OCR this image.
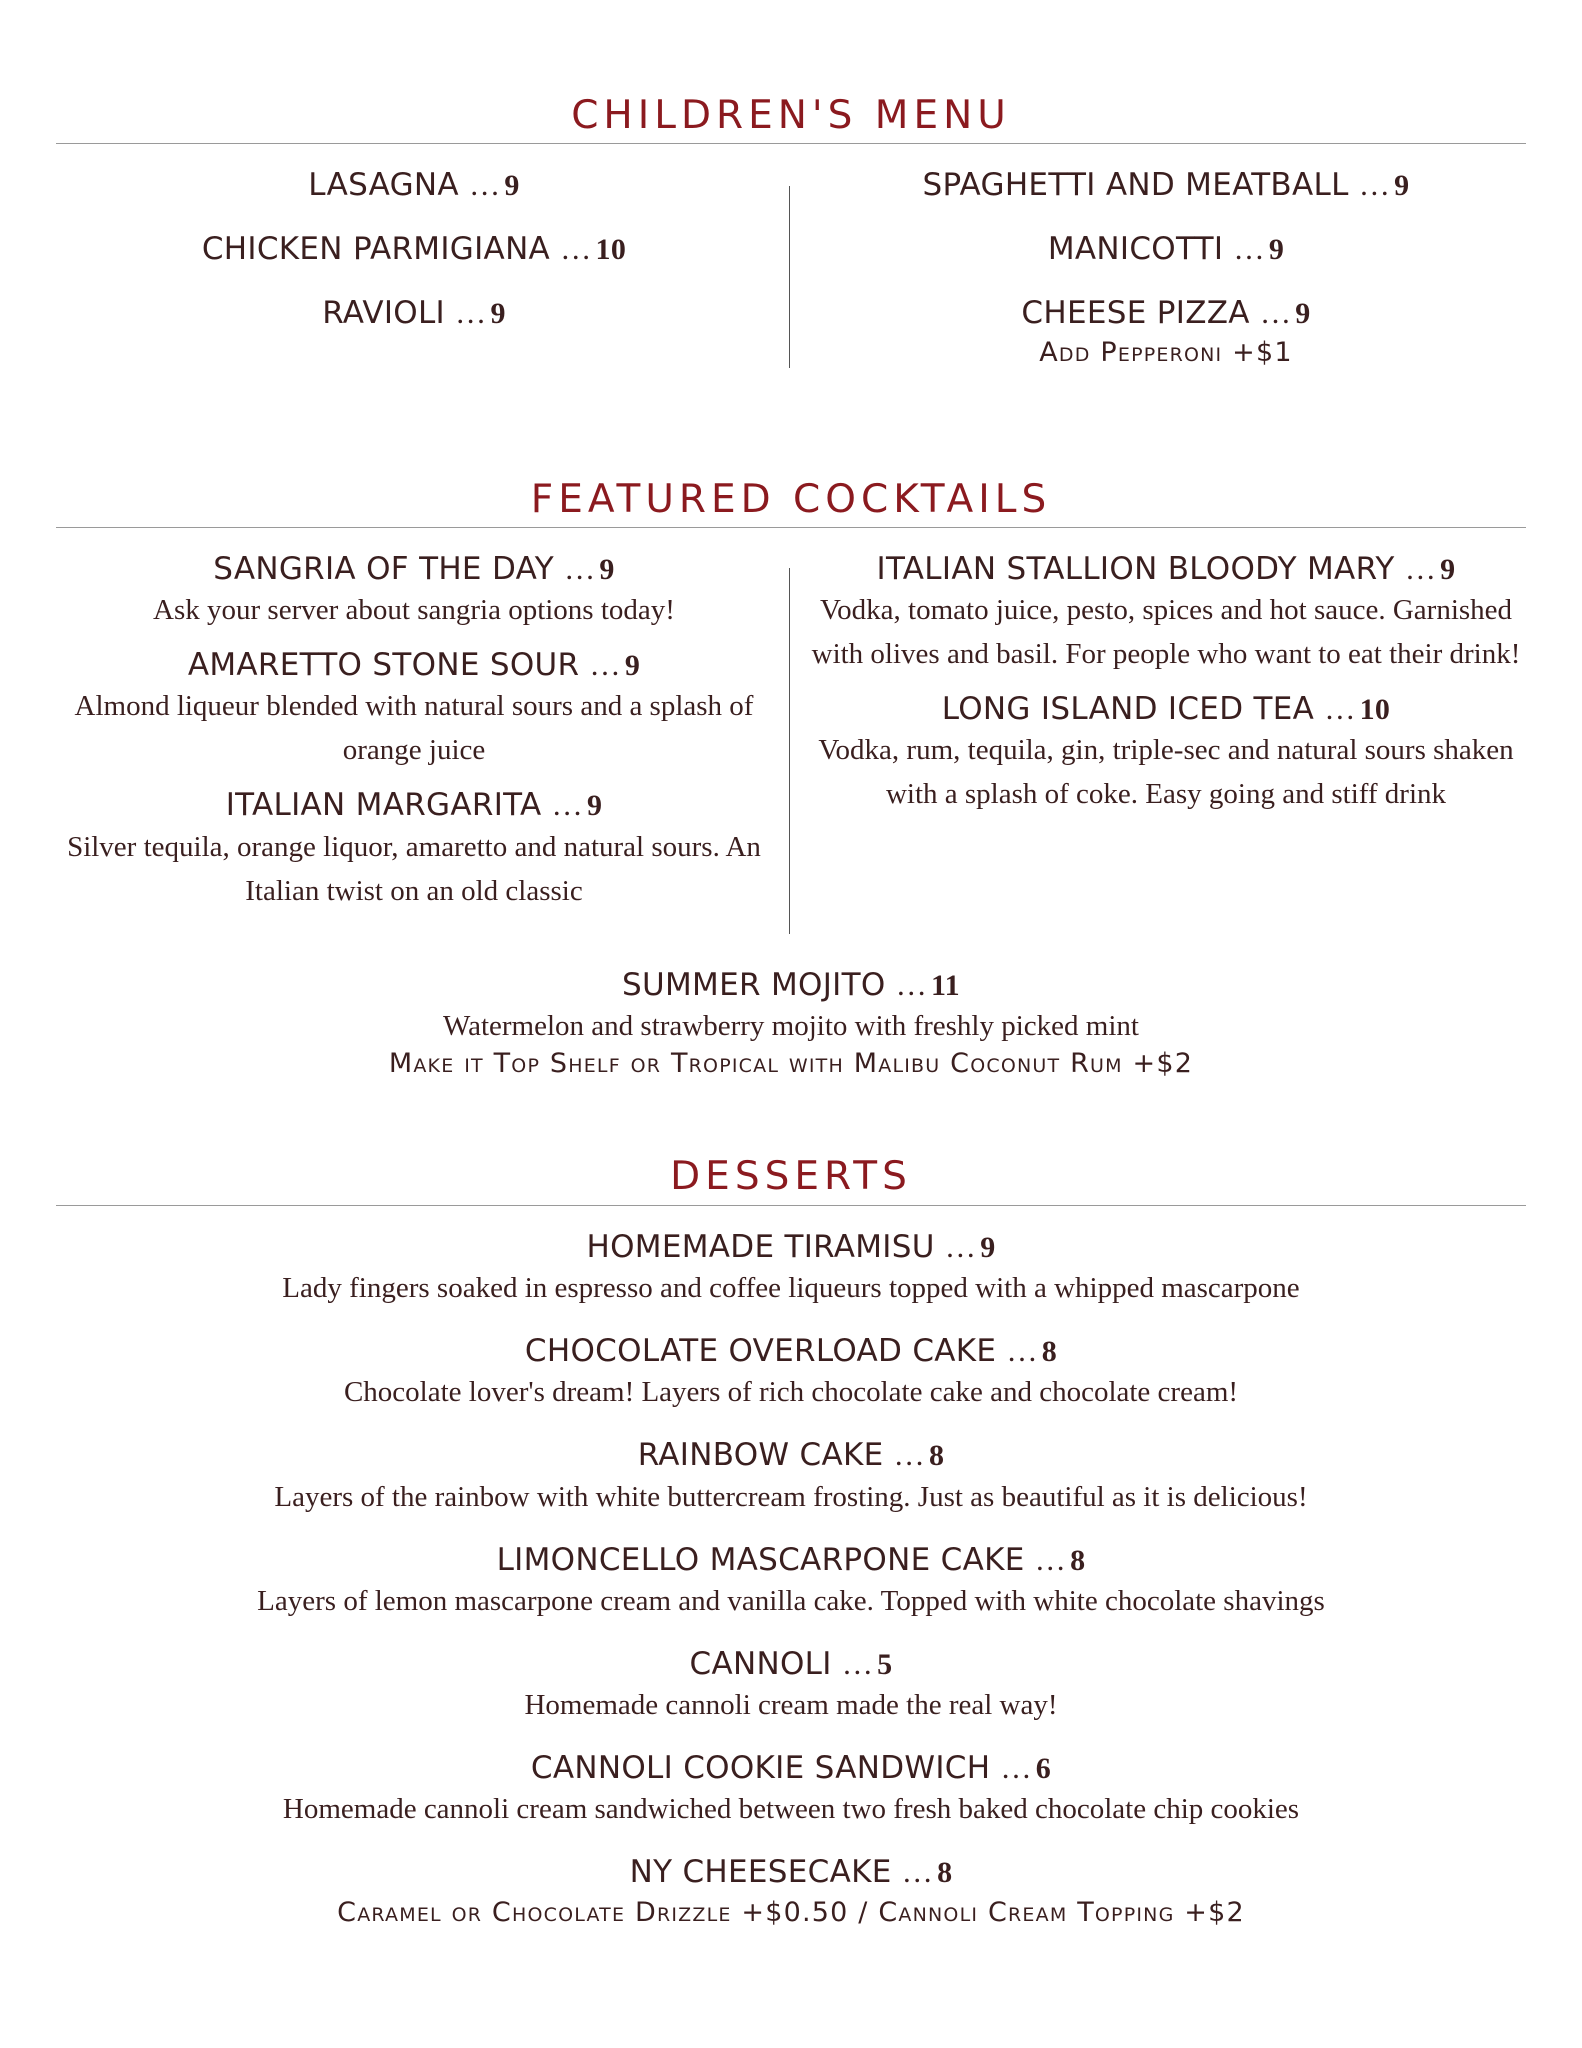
CHILDREN'S MENU
LASAGNA … 9
CHICKEN PARMIGIANA … 10
RAVIOLI … 9
SPAGHETTI AND MEATBALL … 9
MANICOTTI … 9
CHEESE PIZZA … 9
Add Pepperoni +$1
FEATURED COCKTAILS
SANGRIA OF THE DAY … 9
Ask your server about sangria options today!
AMARETTO STONE SOUR … 9
Almond liqueur blended with natural sours and a splash of orange juice
ITALIAN MARGARITA … 9
Silver tequila, orange liquor, amaretto and natural sours. An Italian twist on an old classic
ITALIAN STALLION BLOODY MARY … 9
Vodka, tomato juice, pesto, spices and hot sauce. Garnished with olives and basil. For people who want to eat their drink!
LONG ISLAND ICED TEA … 10
Vodka, rum, tequila, gin, triple-sec and natural sours shaken with a splash of coke. Easy going and stiff drink
SUMMER MOJITO … 11
Watermelon and strawberry mojito with freshly picked mint
Make it Top Shelf or Tropical with Malibu Coconut Rum +$2
DESSERTS
HOMEMADE TIRAMISU … 9
Lady fingers soaked in espresso and coffee liqueurs topped with a whipped mascarpone
CHOCOLATE OVERLOAD CAKE … 8
Chocolate lover's dream! Layers of rich chocolate cake and chocolate cream!
RAINBOW CAKE … 8
Layers of the rainbow with white buttercream frosting. Just as beautiful as it is delicious!
LIMONCELLO MASCARPONE CAKE … 8
Layers of lemon mascarpone cream and vanilla cake. Topped with white chocolate shavings
CANNOLI … 5
Homemade cannoli cream made the real way!
CANNOLI COOKIE SANDWICH … 6
Homemade cannoli cream sandwiched between two fresh baked chocolate chip cookies
NY CHEESECAKE … 8
Caramel or Chocolate Drizzle +$0.50 / Cannoli Cream Topping +$2
